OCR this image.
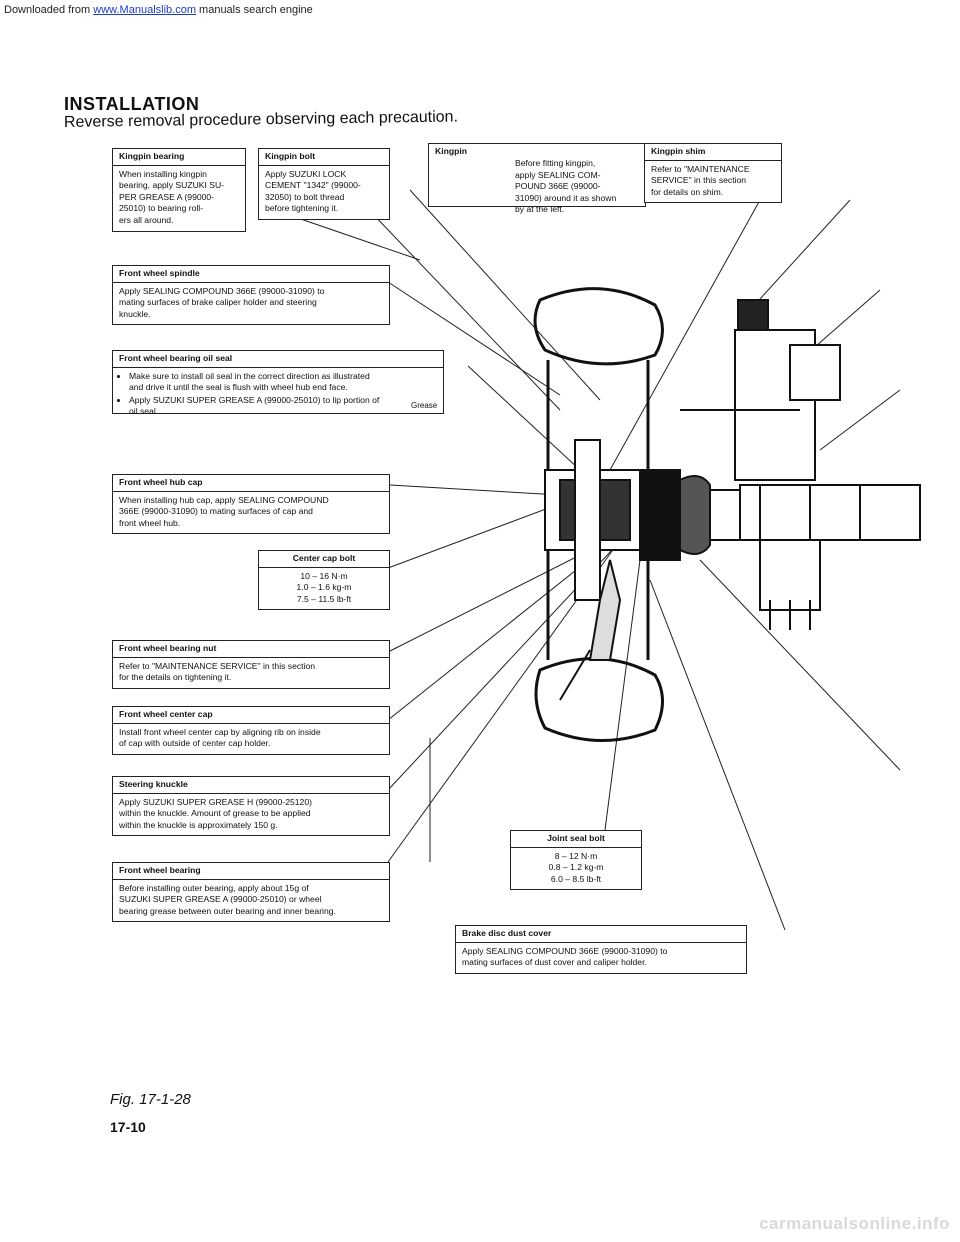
Downloaded from www.Manualslib.com manuals search engine
INSTALLATION
Reverse removal procedure observing each precaution.
Kingpin bearing
When installing kingpin
bearing, apply SUZUKI SU-
PER GREASE A (99000-
25010) to bearing roll-
ers all around.
Kingpin bolt
Apply SUZUKI LOCK
CEMENT "1342" (99000-
32050) to bolt thread
before tightening it.
Kingpin
Before fitting kingpin,
apply SEALING COM-
POUND 366E (99000-
31090) around it as shown
by at the left.
Kingpin shim
Refer to "MAINTENANCE
SERVICE" in this section
for details on shim.
Front wheel spindle
Apply SEALING COMPOUND 366E (99000-31090) to
mating surfaces of brake caliper holder and steering
knuckle.
Front wheel bearing oil seal
• Make sure to install oil seal in the correct direction as illustrated and drive it until the seal is flush with wheel hub end face.
• Apply SUZUKI SUPER GREASE A (99000-25010) to lip portion of oil seal.
Grease
Front wheel hub cap
When installing hub cap, apply SEALING COMPOUND
366E (99000-31090) to mating surfaces of cap and
front wheel hub.
Center cap bolt
10 – 16 N·m
1.0 – 1.6 kg-m
7.5 – 11.5 lb-ft
Front wheel bearing nut
Refer to "MAINTENANCE SERVICE" in this section
for the details on tightening it.
Front wheel center cap
Install front wheel center cap by aligning rib on inside
of cap with outside of center cap holder.
Steering knuckle
Apply SUZUKI SUPER GREASE H (99000-25120)
within the knuckle. Amount of grease to be applied
within the knuckle is approximately 150 g.
Front wheel bearing
Before installing outer bearing, apply about 15g of
SUZUKI SUPER GREASE A (99000-25010) or wheel
bearing grease between outer bearing and inner bearing.
Joint seal bolt
8 – 12 N·m
0.8 – 1.2 kg-m
6.0 – 8.5 lb-ft
Brake disc dust cover
Apply SEALING COMPOUND 366E (99000-31090) to
mating surfaces of dust cover and caliper holder.
Fig. 17-1-28
17-10
carmanualsonline.info
